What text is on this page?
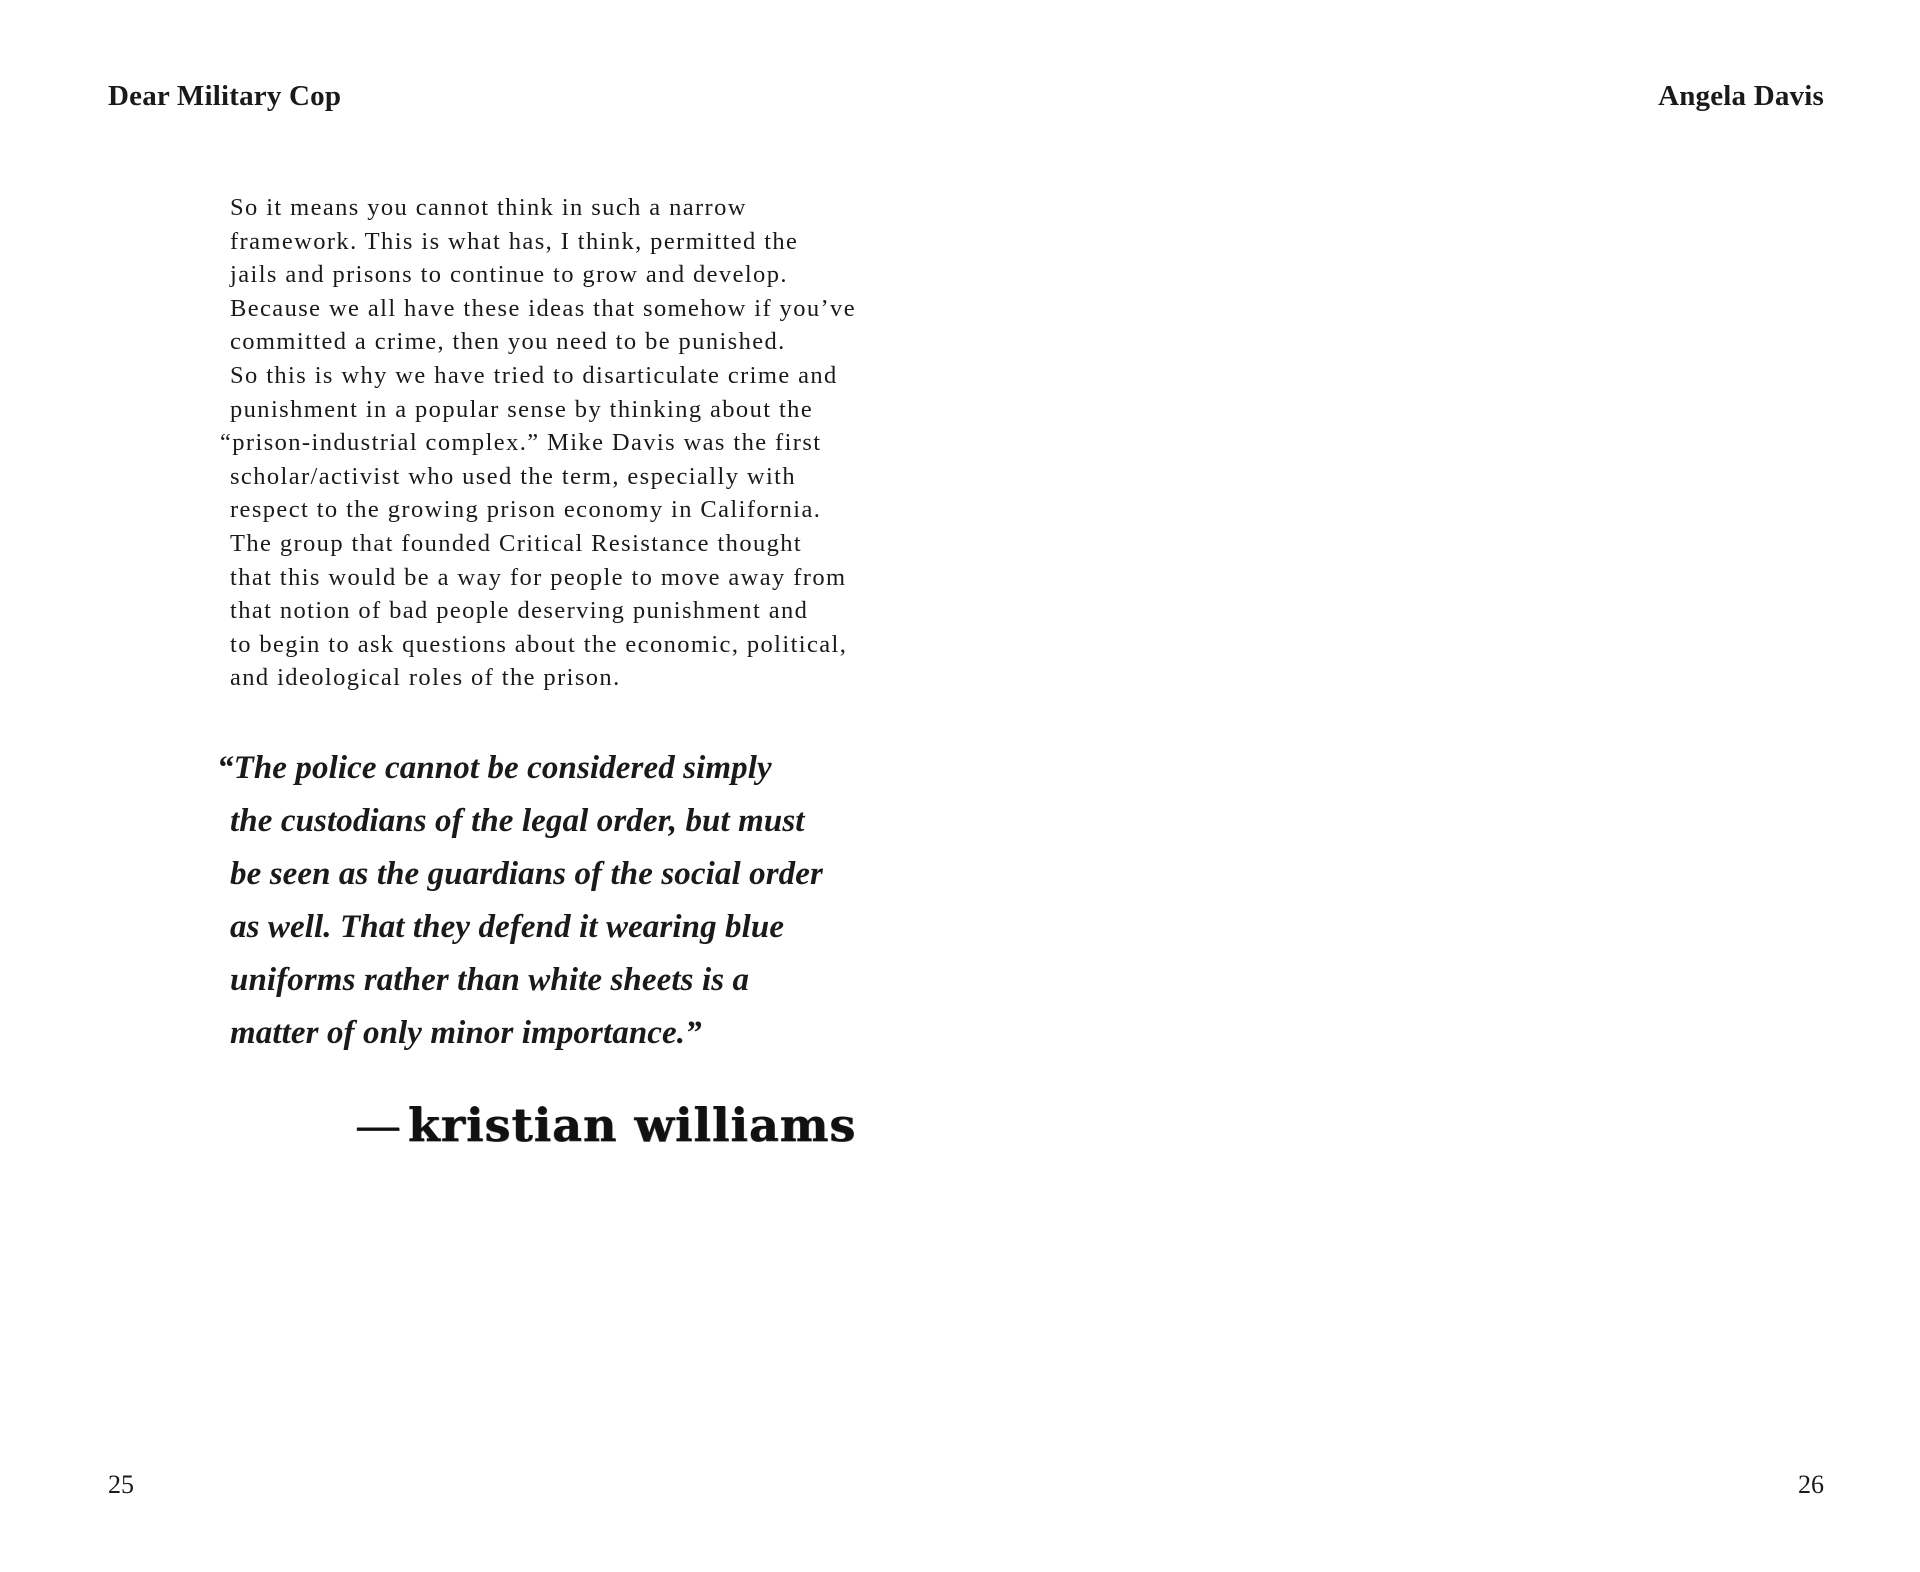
Dear Military Cop	Angela Davis
So it means you cannot think in such a narrow
framework. This is what has, I think, permitted the
jails and prisons to continue to grow and develop.
Because we all have these ideas that somehow if you’ve
committed a crime, then you need to be punished.
So this is why we have tried to disarticulate crime and
punishment in a popular sense by thinking about the
“prison-industrial complex.” Mike Davis was the first
scholar/activist who used the term, especially with
respect to the growing prison economy in California.
The group that founded Critical Resistance thought
that this would be a way for people to move away from
that notion of bad people deserving punishment and
to begin to ask questions about the economic, political,
and ideological roles of the prison.
“The police cannot be considered simply
the custodians of the legal order, but must
be seen as the guardians of the social order
as well. That they defend it wearing blue
uniforms rather than white sheets is a
matter of only minor importance.”
— kristian williams
25	26
